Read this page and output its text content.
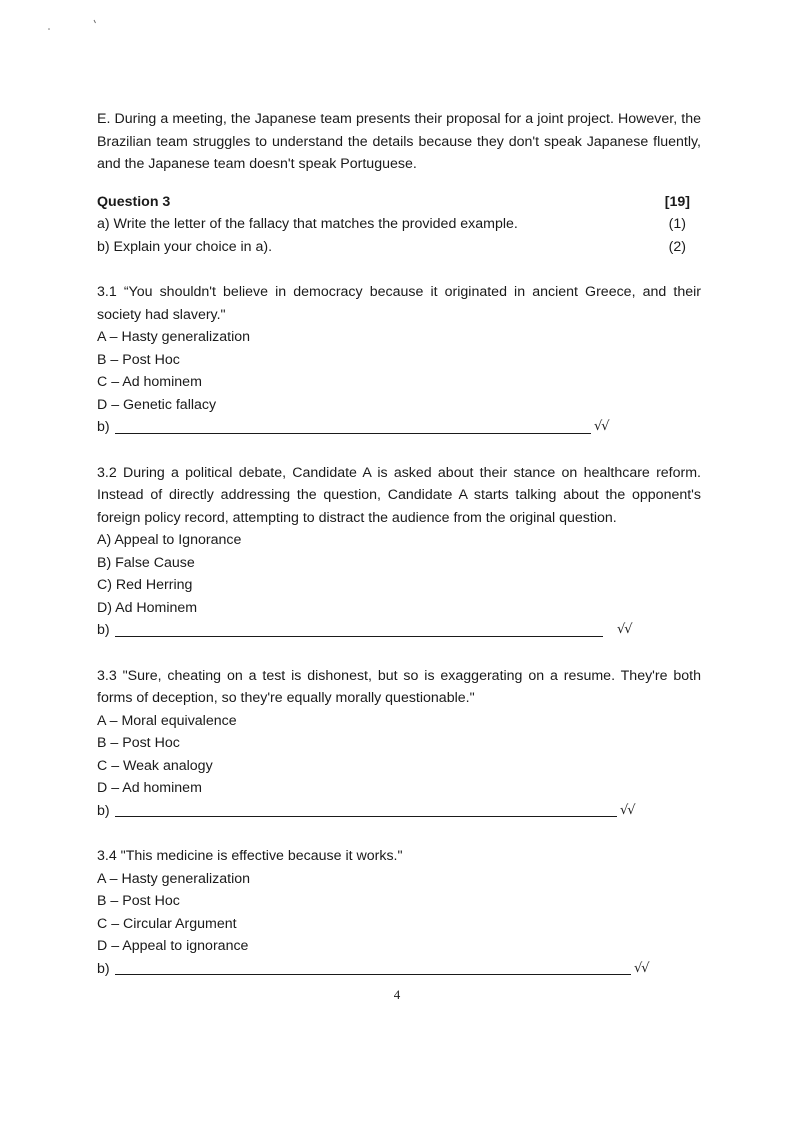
E. During a meeting, the Japanese team presents their proposal for a joint project. However, the Brazilian team struggles to understand the details because they don't speak Japanese fluently, and the Japanese team doesn't speak Portuguese.

Question 3	[19]
a) Write the letter of the fallacy that matches the provided example.	(1)
b) Explain your choice in a).	(2)

3.1 “You shouldn't believe in democracy because it originated in ancient Greece, and their society had slavery."

A – Hasty generalization

B – Post Hoc

C – Ad hominem

D – Genetic fallacy

b)	√√

3.2 During a political debate, Candidate A is asked about their stance on healthcare reform. Instead of directly addressing the question, Candidate A starts talking about the opponent's foreign policy record, attempting to distract the audience from the original question.

A) Appeal to Ignorance

B) False Cause

C) Red Herring

D) Ad Hominem

b)	√√

3.3 "Sure, cheating on a test is dishonest, but so is exaggerating on a resume. They're both forms of deception, so they're equally morally questionable."

A – Moral equivalence

B – Post Hoc

C – Weak analogy

D – Ad hominem

b)	√√

3.4 "This medicine is effective because it works."

A – Hasty generalization

B – Post Hoc

C – Circular Argument

D – Appeal to ignorance

b)	√√
4
